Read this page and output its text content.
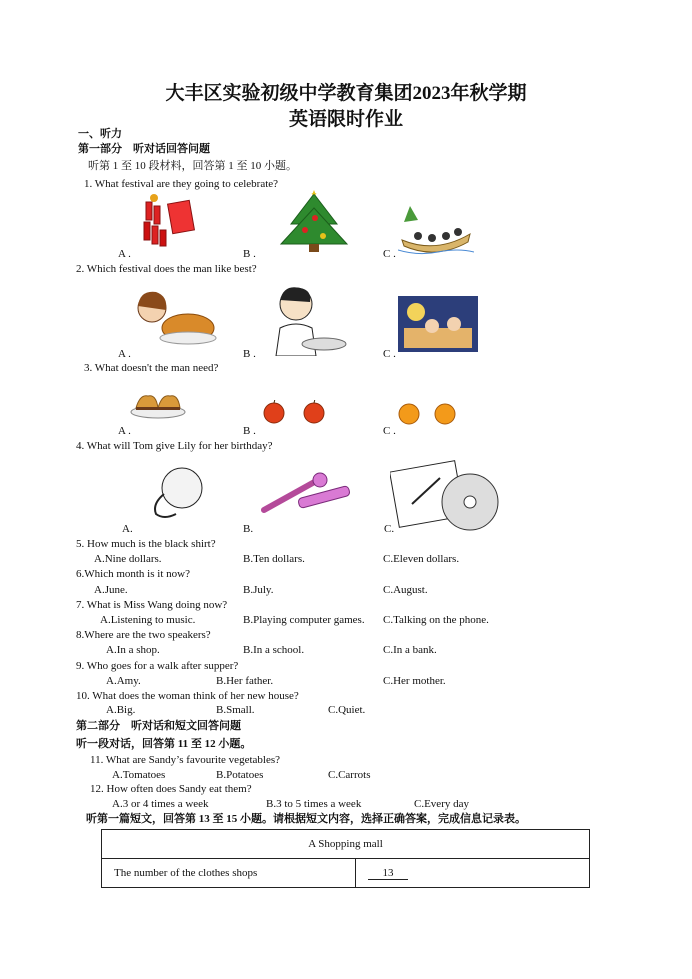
大丰区实验初级中学教育集团2023年秋学期
英语限时作业
一、听力
第一部分　听对话回答问题
听第 1 至 10 段材料，回答第 1 至 10 小题。
1. What festival are they going to celebrate?
A .	B .	C .
2. Which festival does the man like best?
A .	B .	C .
3. What doesn't the man need?
A .	B .	C .
4. What will Tom give Lily for her birthday?
A.	B.	C.
5. How much is the black shirt?
A.Nine dollars.	B.Ten dollars.	C.Eleven dollars.
6.Which month is it now?
A.June.	B.July.	C.August.
7. What is Miss Wang doing now?
A.Listening to music.	B.Playing computer games. C.Talking on the phone.
8.Where are the two speakers?
A.In a shop.	B.In a school.	C.In a bank.
9. Who goes for a walk after supper?
A.Amy.	B.Her father.	C.Her mother.
10. What does the woman think of her new house?
A.Big.	B.Small.	C.Quiet.
第二部分　听对话和短文回答问题
听一段对话，回答第 11 至 12 小题。
11. What are Sandy’s favourite vegetables?
A.Tomatoes	B.Potatoes	C.Carrots
12. How often does Sandy eat them?
A.3 or 4 times a week	B.3 to 5 times a week	C.Every day
听第一篇短文，回答第 13 至 15 小题。请根据短文内容，选择正确答案，完成信息记录表。
A Shopping mall
The number of the clothes shops	13
